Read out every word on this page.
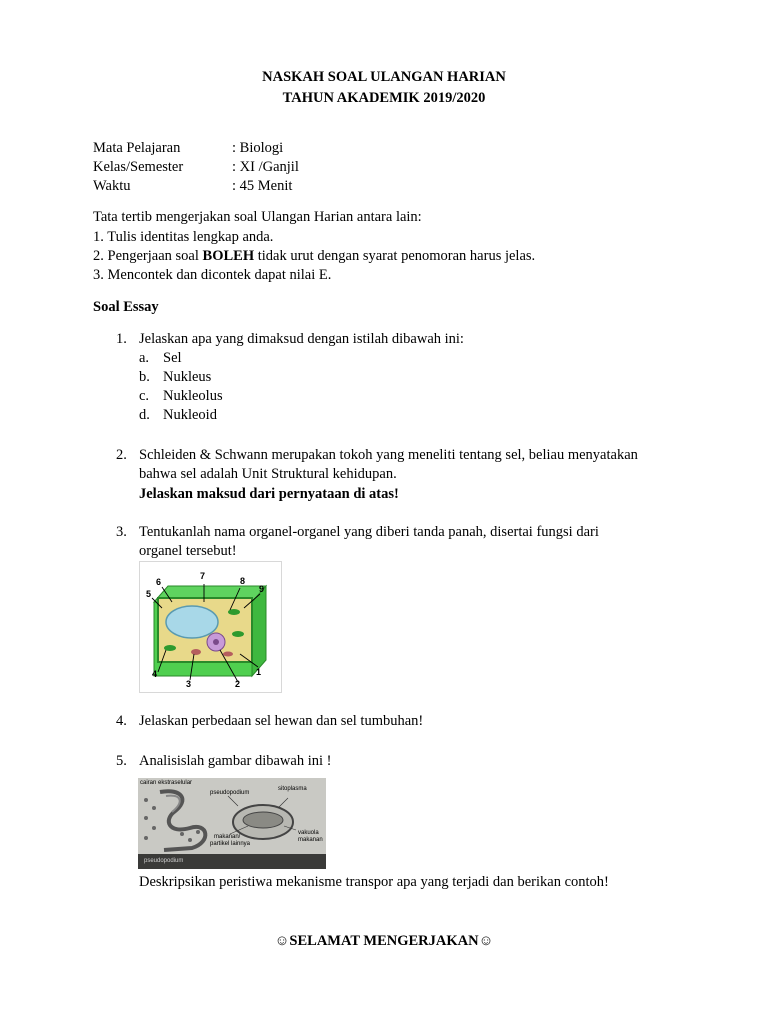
NASKAH SOAL ULANGAN HARIAN
TAHUN AKADEMIK 2019/2020
Mata Pelajaran	: Biologi
Kelas/Semester	: XI /Ganjil
Waktu	: 45 Menit
Tata tertib mengerjakan soal Ulangan Harian antara lain:
1. Tulis identitas lengkap anda.
2. Pengerjaan soal BOLEH tidak urut dengan syarat penomoran harus jelas.
3. Mencontek dan dicontek dapat nilai E.
Soal Essay
1. Jelaskan apa yang dimaksud dengan istilah dibawah ini:
a. Sel
b. Nukleus
c. Nukleolus
d. Nukleoid
2. Schleiden & Schwann merupakan tokoh yang meneliti tentang sel, beliau menyatakan
bahwa sel adalah Unit Struktural kehidupan.
Jelaskan maksud dari pernyataan di atas!
3. Tentukanlah nama organel-organel yang diberi tanda panah, disertai fungsi dari
organel tersebut!
1
2
3
4
5
6
7	8
9
4. Jelaskan perbedaan sel hewan dan sel tumbuhan!
5. Analisislah gambar dibawah ini !
cairan ekstraselular
pseudopodium
sitoplasma
makanan/
partikel lainnya
vakuola
makanan
pseudopodium
Deskripsikan peristiwa mekanisme transpor apa yang terjadi dan berikan contoh!
☺SELAMAT MENGERJAKAN☺
